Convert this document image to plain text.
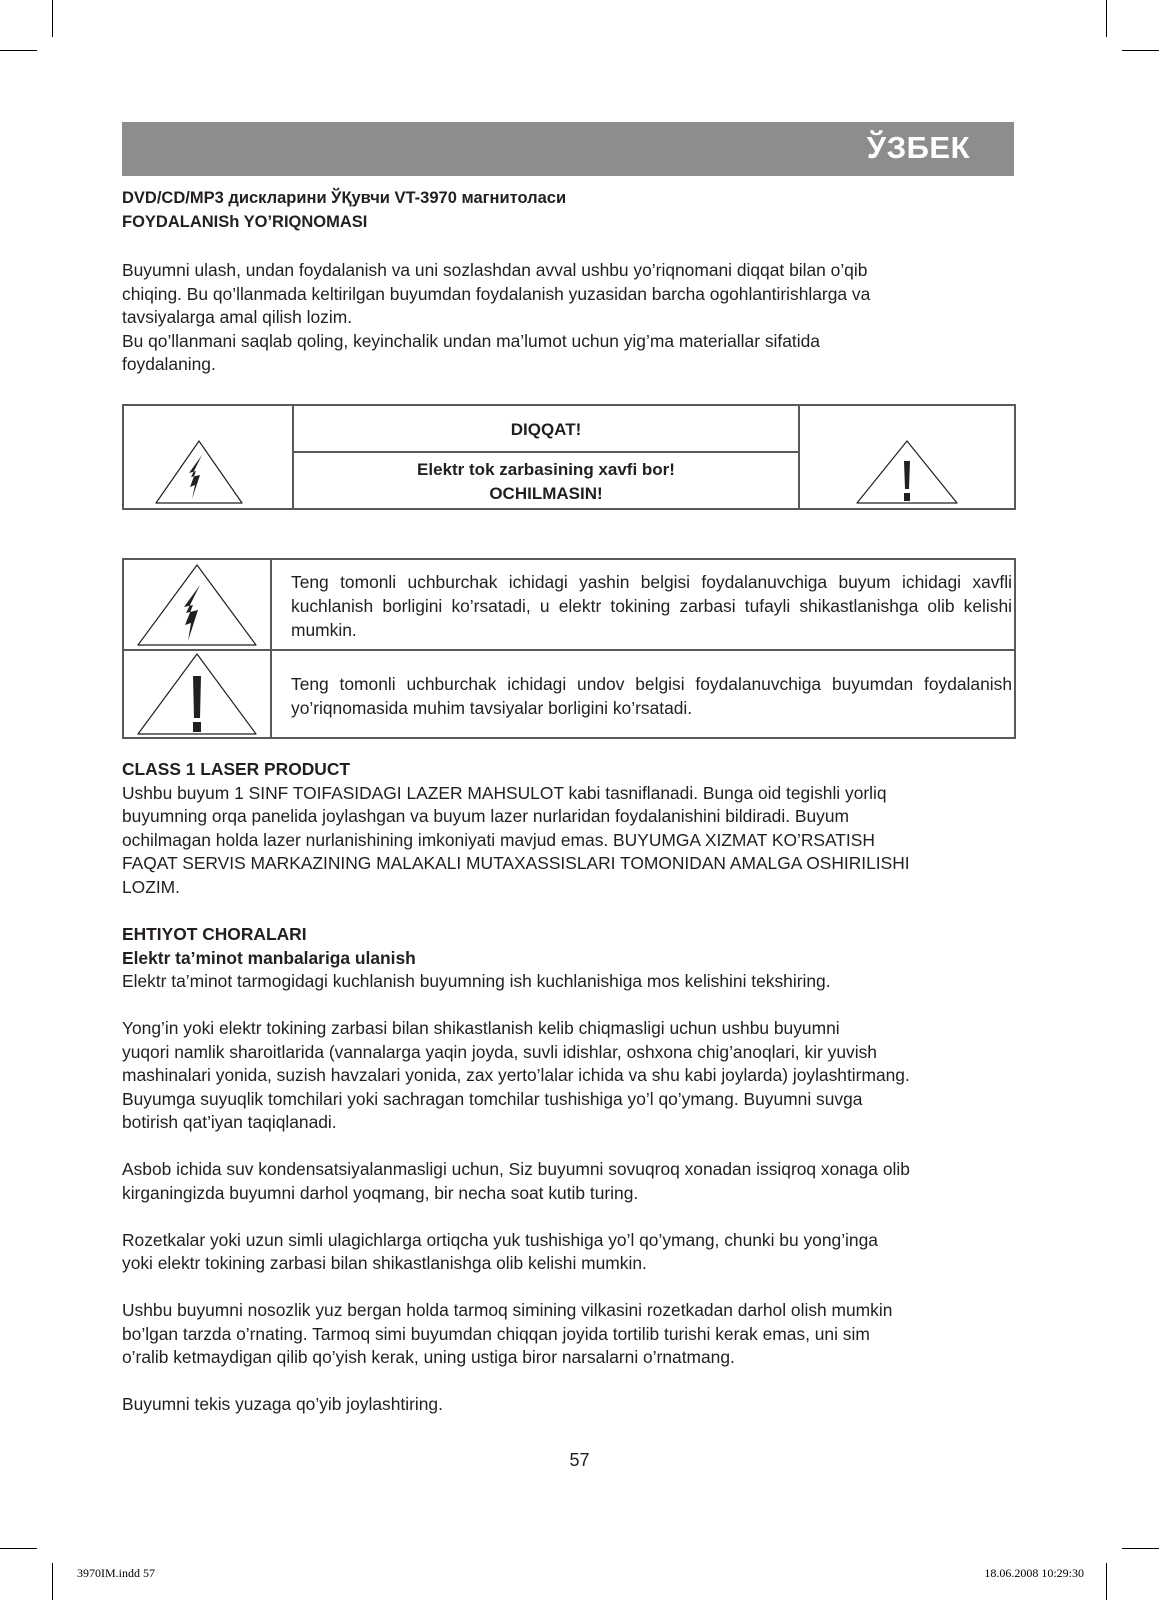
ЎЗБЕК
DVD/CD/MP3 дискларини ЎҚувчи VT-3970 магнитоласи
FOYDALANISh YO’RIQNOMASI
Buyumni ulash, undan foydalanish va uni sozlashdan avval ushbu yo’riqnomani diqqat bilan o’qib
chiqing. Bu qo’llanmada keltirilgan buyumdan foydalanish yuzasidan barcha ogohlantirishlarga va
tavsiyalarga amal qilish lozim.
Bu qo’llanmani saqlab qoling, keyinchalik undan ma’lumot uchun yig’ma materiallar sifatida
foydalaning.
DIQQAT!
Elektr tok zarbasining xavfi bor!
OCHILMASIN!
Teng tomonli uchburchak ichidagi yashin belgisi foydalanuvchiga buyum ichidagi xavfli kuchlanish borligini ko’rsatadi, u elektr tokining zarbasi tufayli shikastlanishga olib kelishi mumkin.
Teng tomonli uchburchak ichidagi undov belgisi foydalanuvchiga buyumdan foydalanish yo’riqnomasida muhim tavsiyalar borligini ko’rsatadi.
CLASS 1 LASER PRODUCT
Ushbu buyum 1 SINF TOIFASIDAGI LAZER MAHSULOT kabi tasniflanadi. Bunga oid tegishli yorliq
buyumning orqa panelida joylashgan va buyum lazer nurlaridan foydalanishini bildiradi. Buyum
ochilmagan holda lazer nurlanishining imkoniyati mavjud emas. BUYUMGA XIZMAT KO’RSATISH
FAQAT SERVIS MARKAZINING MALAKALI MUTAXASSISLARI TOMONIDAN AMALGA OSHIRILISHI
LOZIM.
EHTIYOT CHORALARI
Elektr ta’minot manbalariga ulanish
Elektr ta’minot tarmogidagi kuchlanish buyumning ish kuchlanishiga mos kelishini tekshiring.
Yong’in yoki elektr tokining zarbasi bilan shikastlanish kelib chiqmasligi uchun ushbu buyumni
yuqori namlik sharoitlarida (vannalarga yaqin joyda, suvli idishlar, oshxona chig’anoqlari, kir yuvish
mashinalari yonida, suzish havzalari yonida, zax yerto’lalar ichida va shu kabi joylarda) joylashtirmang.
Buyumga suyuqlik tomchilari yoki sachragan tomchilar tushishiga yo’l qo’ymang. Buyumni suvga
botirish qat’iyan taqiqlanadi.
Asbob ichida suv kondensatsiyalanmasligi uchun, Siz buyumni sovuqroq xonadan issiqroq xonaga olib
kirganingizda buyumni darhol yoqmang, bir necha soat kutib turing.
Rozetkalar yoki uzun simli ulagichlarga ortiqcha yuk tushishiga yo’l qo’ymang, chunki bu yong’inga
yoki elektr tokining zarbasi bilan shikastlanishga olib kelishi mumkin.
Ushbu buyumni nosozlik yuz bergan holda tarmoq simining vilkasini rozetkadan darhol olish mumkin
bo’lgan tarzda o’rnating. Tarmoq simi buyumdan chiqqan joyida tortilib turishi kerak emas, uni sim
o’ralib ketmaydigan qilib qo’yish kerak, uning ustiga biror narsalarni o’rnatmang.
Buyumni tekis yuzaga qo’yib joylashtiring.
57
3970IM.indd 57	18.06.2008 10:29:30
